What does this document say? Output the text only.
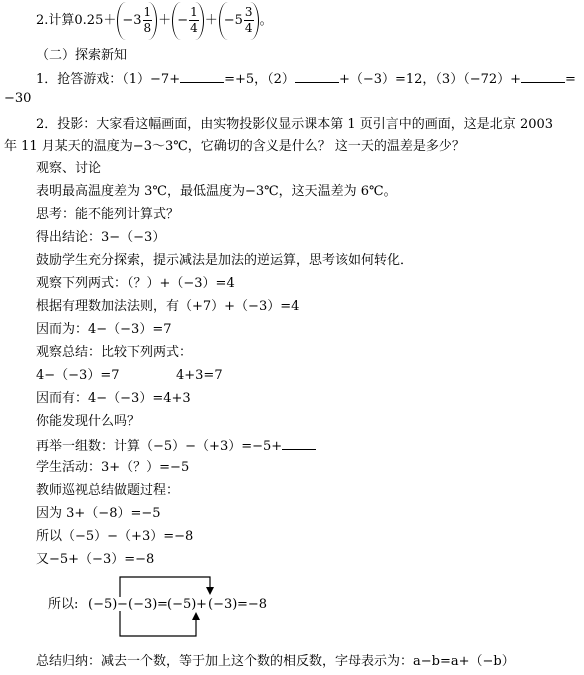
2.计算$0.25+ -3 \frac{1}{8}$ ＋ − $\frac{1}{4} + -5 \frac{3}{4}$ 。
（二）探索新知
1．抢答游戏：（1）−7+	=+5，（2）	+（−3）=12，（3）（−72）+	=
−30
2．投影：大家看这幅画面，由实物投影仪显示课本第 1 页引言中的画面，这是北京 2003
年 11 月某天的温度为−3～3℃，它确切的含义是什么？ 这一天的温差是多少？
观察、讨论
表明最高温度差为 3℃，最低温度为−3℃，这天温差为 6℃。
思考：能不能列计算式？
得出结论：3−（−3）
鼓励学生充分探索，提示减法是加法的逆运算，思考该如何转化．
观察下列两式：（？）+（−3）=4
根据有理数加法法则，有（+7）+（−3）=4
因而为：4−（−3）=7
观察总结：比较下列两式：
4−（−3）=7	4+3=7
因而有：4−（−3）=4+3
你能发现什么吗？
再举一组数：计算（−5）−（+3）=−5+
学生活动：3+（？）=−5
教师巡视总结做题过程：
因为 3+（−8）=−5
所以（−5）−（+3）=−8
又−5+（−3）=−8
所以: (−5) − (−3) = (−5) + (−3) =−8
总结归纳：减去一个数，等于加上这个数的相反数，字母表示为：a−b=a+（−b）
